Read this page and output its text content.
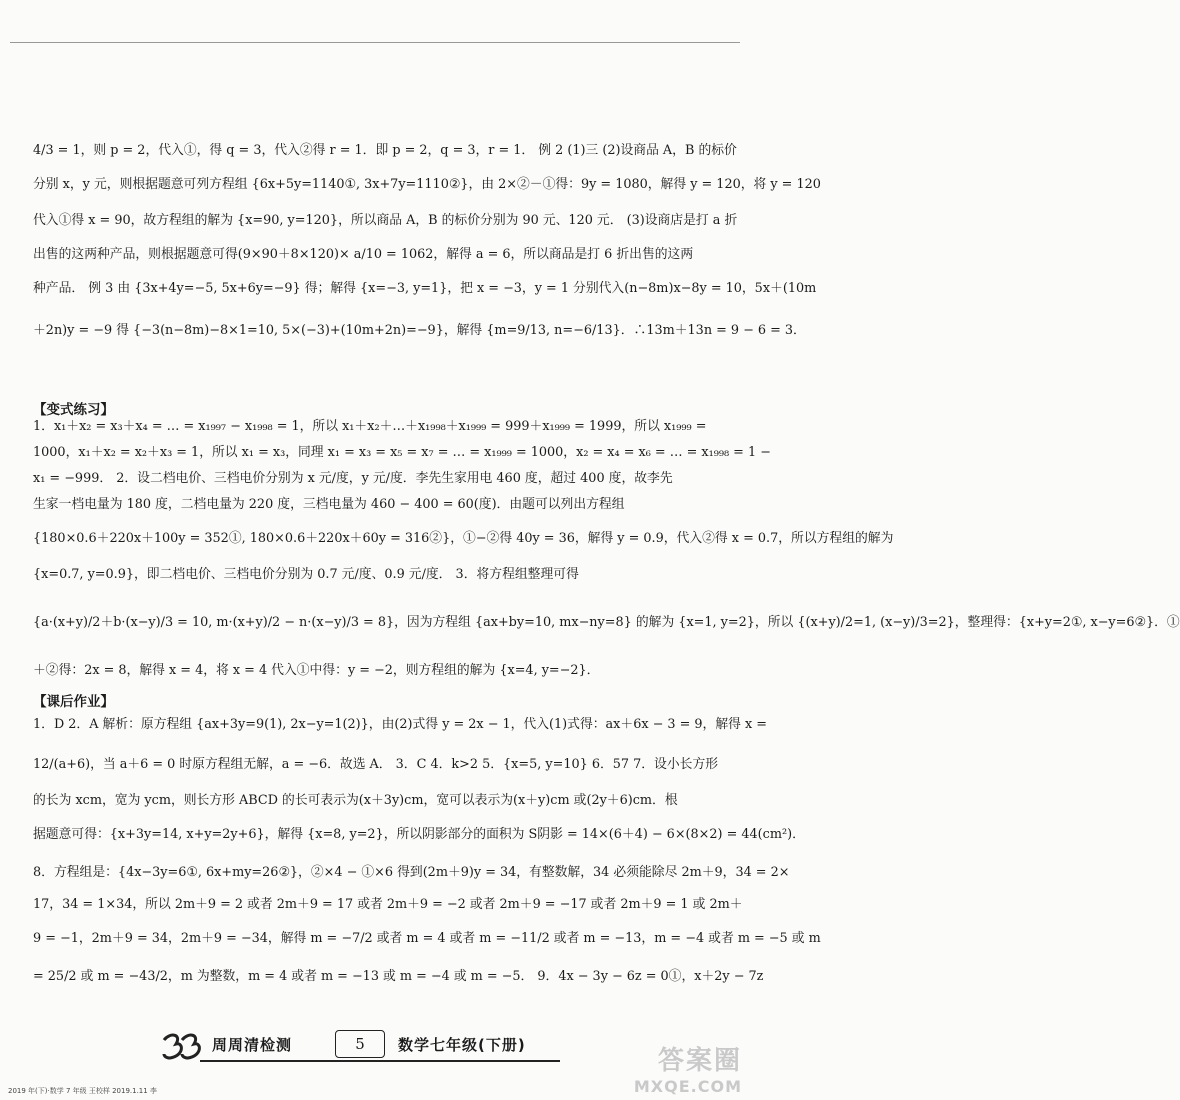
4/3 = 1，则 p = 2，代入①，得 q = 3，代入②得 r = 1．即 p = 2，q = 3，r = 1． 例 2 (1)三 (2)设商品 A，B 的标价
分别 x，y 元，则根据题意可列方程组 {6x+5y=1140①, 3x+7y=1110②}，由 2×②－①得：9y = 1080，解得 y = 120，将 y = 120
代入①得 x = 90，故方程组的解为 {x=90, y=120}，所以商品 A，B 的标价分别为 90 元、120 元． (3)设商店是打 a 折
出售的这两种产品，则根据题意可得(9×90＋8×120)× a/10 = 1062，解得 a = 6，所以商品是打 6 折出售的这两
种产品． 例 3 由 {3x+4y=−5, 5x+6y=−9} 得；解得 {x=−3, y=1}，把 x = −3，y = 1 分别代入(n−8m)x−8y = 10，5x＋(10m
＋2n)y = −9 得 {−3(n−8m)−8×1=10, 5×(−3)+(10m+2n)=−9}，解得 {m=9/13, n=−6/13}．∴13m＋13n = 9 − 6 = 3．
【变式练习】
1．x₁＋x₂ = x₃＋x₄ = … = x₁₉₉₇ − x₁₉₉₈ = 1，所以 x₁＋x₂＋…＋x₁₉₉₈＋x₁₉₉₉ = 999＋x₁₉₉₉ = 1999，所以 x₁₉₉₉ =
1000，x₁＋x₂ = x₂＋x₃ = 1，所以 x₁ = x₃，同理 x₁ = x₃ = x₅ = x₇ = … = x₁₉₉₉ = 1000，x₂ = x₄ = x₆ = … = x₁₉₉₈ = 1 −
x₁ = −999． 2．设二档电价、三档电价分别为 x 元/度，y 元/度．李先生家用电 460 度，超过 400 度，故李先
生家一档电量为 180 度，二档电量为 220 度，三档电量为 460 − 400 = 60(度)．由题可以列出方程组
{180×0.6＋220x＋100y = 352①, 180×0.6＋220x＋60y = 316②}，①−②得 40y = 36，解得 y = 0.9，代入②得 x = 0.7，所以方程组的解为
{x=0.7, y=0.9}，即二档电价、三档电价分别为 0.7 元/度、0.9 元/度． 3．将方程组整理可得
{a·(x+y)/2＋b·(x−y)/3 = 10, m·(x+y)/2 − n·(x−y)/3 = 8}，因为方程组 {ax+by=10, mx−ny=8} 的解为 {x=1, y=2}，所以 {(x+y)/2=1, (x−y)/3=2}，整理得：{x+y=2①, x−y=6②}．①
＋②得：2x = 8，解得 x = 4，将 x = 4 代入①中得：y = −2，则方程组的解为 {x=4, y=−2}．
【课后作业】
1．D 2．A 解析：原方程组 {ax+3y=9(1), 2x−y=1(2)}，由(2)式得 y = 2x − 1，代入(1)式得：ax＋6x − 3 = 9，解得 x =
12/(a+6)，当 a＋6 = 0 时原方程组无解，a = −6．故选 A． 3．C 4．k>2 5．{x=5, y=10} 6．57 7．设小长方形
的长为 xcm，宽为 ycm，则长方形 ABCD 的长可表示为(x＋3y)cm，宽可以表示为(x＋y)cm 或(2y＋6)cm．根
据题意可得：{x+3y=14, x+y=2y+6}，解得 {x=8, y=2}，所以阴影部分的面积为 S阴影 = 14×(6＋4) − 6×(8×2) = 44(cm²)．
8．方程组是：{4x−3y=6①, 6x+my=26②}，②×4 − ①×6 得到(2m＋9)y = 34，有整数解，34 必须能除尽 2m＋9，34 = 2×
17，34 = 1×34，所以 2m＋9 = 2 或者 2m＋9 = 17 或者 2m＋9 = −2 或者 2m＋9 = −17 或者 2m＋9 = 1 或 2m＋
9 = −1，2m＋9 = 34，2m＋9 = −34，解得 m = −7/2 或者 m = 4 或者 m = −11/2 或者 m = −13，m = −4 或者 m = −5 或 m
= 25/2 或 m = −43/2，m 为整数，m = 4 或者 m = −13 或 m = −4 或 m = −5． 9．4x − 3y − 6z = 0①，x＋2y − 7z
周周清检测	5	数学七年级(下册)
2019 年(下)·数学 7 年级 王校样 2019.1.11 李
答案圈
MXQE.COM
